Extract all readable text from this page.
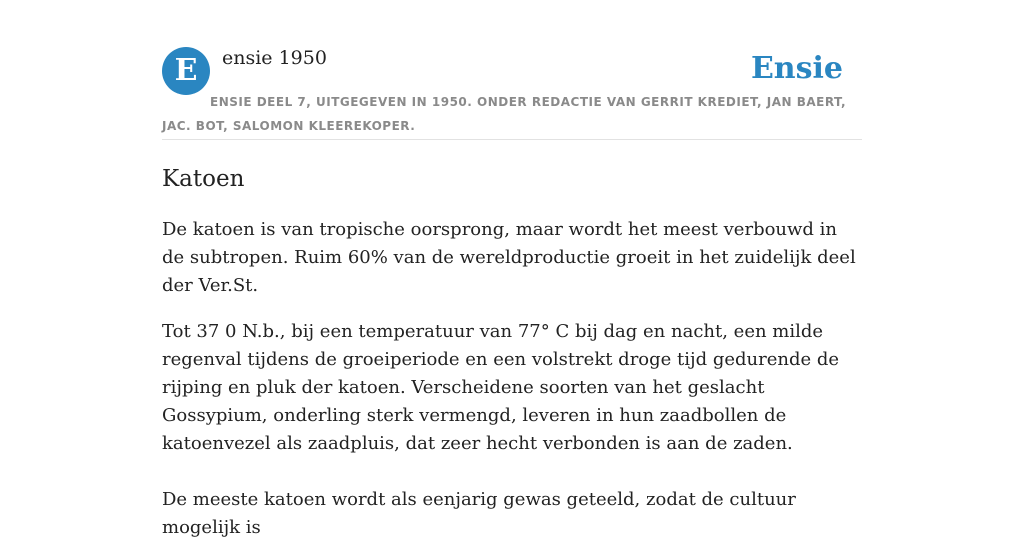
E	ensie 1950	Ensie
ENSIE DEEL 7, UITGEGEVEN IN 1950. ONDER REDACTIE VAN GERRIT KREDIET, JAN BAERT, JAC. BOT, SALOMON KLEEREKOPER.
Katoen

De katoen is van tropische oorsprong, maar wordt het meest verbouwd in de subtropen. Ruim 60% van de wereldproductie groeit in het zuidelijk deel der Ver.St.

Tot 37 0 N.b., bij een temperatuur van 77° C bij dag en nacht, een milde regenval tijdens de groeiperiode en een volstrekt droge tijd gedurende de rijping en pluk der katoen. Verscheidene soorten van het geslacht Gossypium, onderling sterk vermengd, leveren in hun zaadbollen de katoenvezel als zaadpluis, dat zeer hecht verbonden is aan de zaden.

De meeste katoen wordt als eenjarig gewas geteeld, zodat de cultuur mogelijk is
